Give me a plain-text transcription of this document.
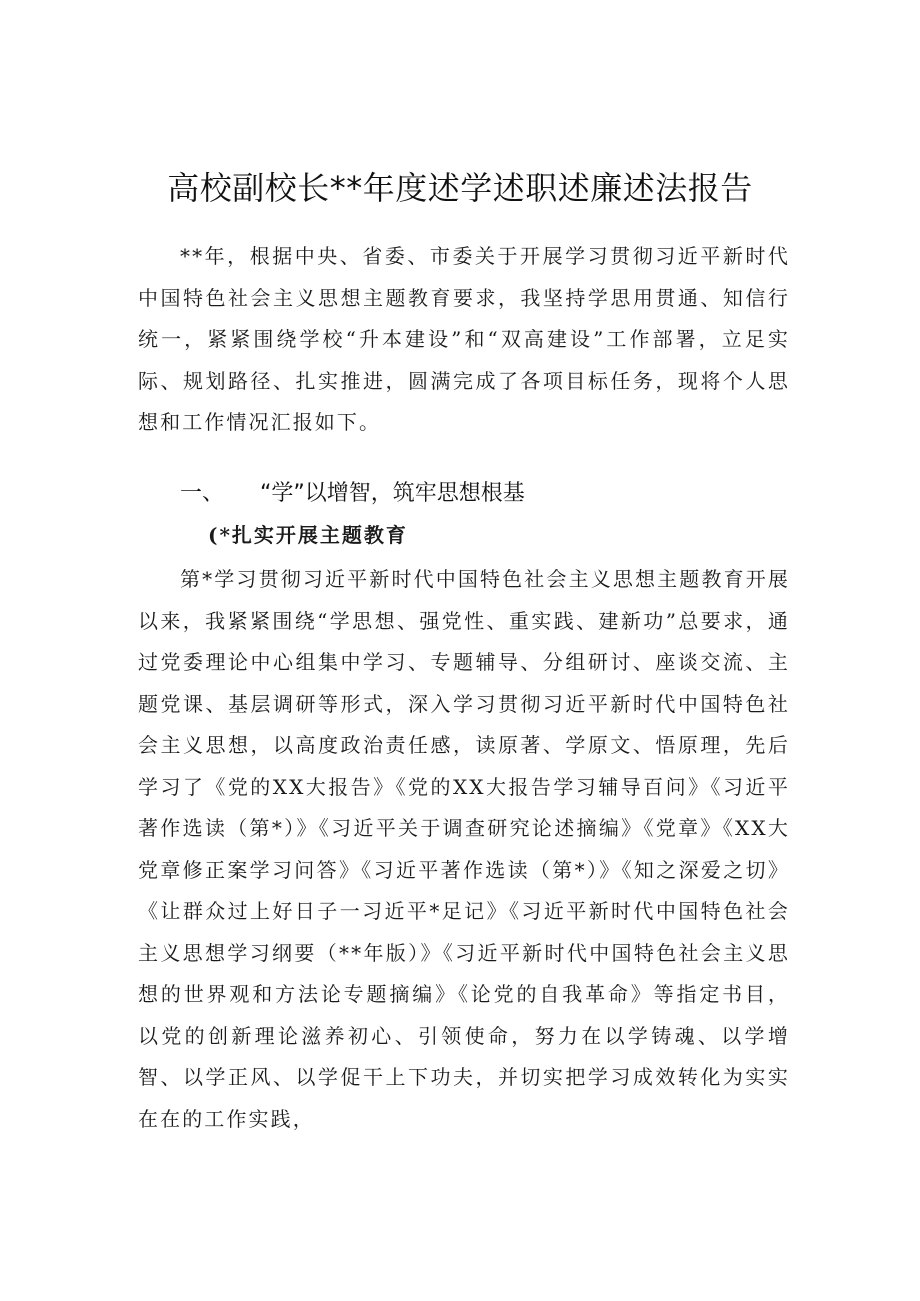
高校副校长**年度述学述职述廉述法报告

**年，根据中央、省委、市委关于开展学习贯彻习近平新时代中国特色社会主义思想主题教育要求，我坚持学思用贯通、知信行统一，紧紧围绕学校“升本建设”和“双高建设”工作部署，立足实际、规划路径、扎实推进，圆满完成了各项目标任务，现将个人思想和工作情况汇报如下。

一、 “学”以增智，筑牢思想根基
(*扎实开展主题教育

第*学习贯彻习近平新时代中国特色社会主义思想主题教育开展以来，我紧紧围绕“学思想、强党性、重实践、建新功”总要求，通过党委理论中心组集中学习、专题辅导、分组研讨、座谈交流、主题党课、基层调研等形式，深入学习贯彻习近平新时代中国特色社会主义思想，以高度政治责任感，读原著、学原文、悟原理，先后学习了《党的XX大报告》《党的XX大报告学习辅导百问》《习近平著作选读（第*）》《习近平关于调查研究论述摘编》《党章》《XX大党章修正案学习问答》《习近平著作选读（第*）》《知之深爱之切》《让群众过上好日子一习近平*足记》《习近平新时代中国特色社会主义思想学习纲要（**年版）》《习近平新时代中国特色社会主义思想的世界观和方法论专题摘编》《论党的自我革命》等指定书目，以党的创新理论滋养初心、引领使命，努力在以学铸魂、以学增智、以学正风、以学促干上下功夫，并切实把学习成效转化为实实在在的工作实践，
